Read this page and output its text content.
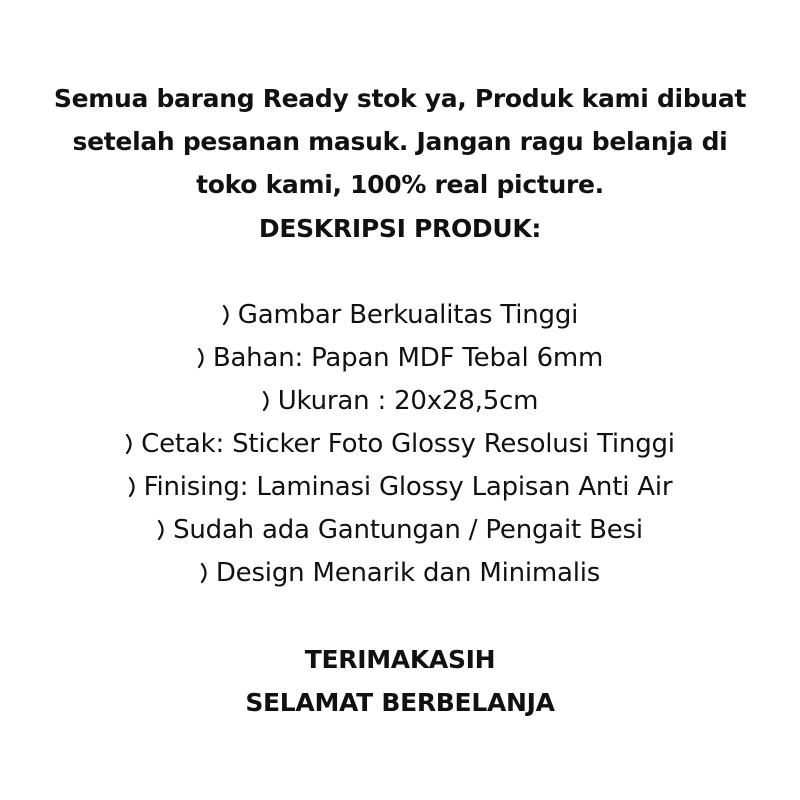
Semua barang Ready stok ya, Produk kami dibuat
setelah pesanan masuk. Jangan ragu belanja di
toko kami, 100% real picture.
DESKRIPSI PRODUK:
Gambar Berkualitas Tinggi
Bahan: Papan MDF Tebal 6mm
Ukuran : 20x28,5cm
Cetak: Sticker Foto Glossy Resolusi Tinggi
Finising: Laminasi Glossy Lapisan Anti Air
Sudah ada Gantungan / Pengait Besi
Design Menarik dan Minimalis
TERIMAKASIH
SELAMAT BERBELANJA
